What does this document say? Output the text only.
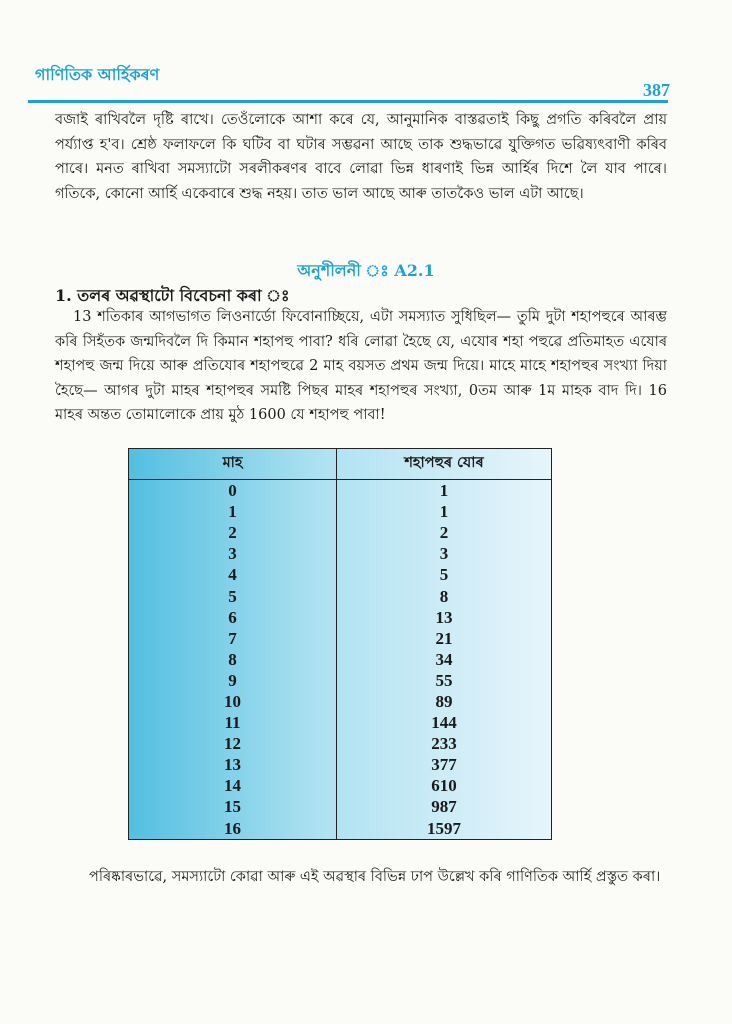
গাণিতিক আৰ্হিকৰণ
387

বজাই ৰাখিবলৈ দৃষ্টি ৰাখে। তেওঁলোকে আশা কৰে যে, আনুমানিক বাস্তৱতাই কিছু প্ৰগতি কৰিবলৈ প্ৰায় পৰ্য্যাপ্ত হ'ব। শ্ৰেষ্ঠ ফলাফলে কি ঘটিব বা ঘটাৰ সম্ভৱনা আছে তাক শুদ্ধভাৱে যুক্তিগত ভৱিষ্যৎবাণী কৰিব পাৰে। মনত ৰাখিবা সমস্যাটো সৰলীকৰণৰ বাবে লোৱা ভিন্ন ধাৰণাই ভিন্ন আৰ্হিৰ দিশে লৈ যাব পাৰে। গতিকে, কোনো আৰ্হি একেবাৰে শুদ্ধ নহয়। তাত ভাল আছে আৰু তাতকৈও ভাল এটা আছে।

অনুশীলনী ঃ A2.1
1. তলৰ অৱস্থাটো বিবেচনা কৰা ঃ

13 শতিকাৰ আগভাগত লিওনাৰ্ডো ফিবোনাচ্ছিয়ে, এটা সমস্যাত সুধিছিল— তুমি দুটা শহাপহুৰে আৰম্ভ কৰি সিহঁতক জন্মদিবলৈ দি কিমান শহাপহু পাবা? ধৰি লোৱা হৈছে যে, এযোৰ শহা পহুৱে প্ৰতিমাহত এযোৰ শহাপহু জন্ম দিয়ে আৰু প্ৰতিযোৰ শহাপহুৱে 2 মাহ বয়সত প্ৰথম জন্ম দিয়ে। মাহে মাহে শহাপহুৰ সংখ্যা দিয়া হৈছে— আগৰ দুটা মাহৰ শহাপহুৰ সমষ্টি পিছৰ মাহৰ শহাপহুৰ সংখ্যা, 0তম আৰু 1ম মাহক বাদ দি। 16 মাহৰ অন্তত তোমালোকে প্ৰায় মুঠ 1600 যে শহাপহু পাবা!

মাহ	শহাপহুৰ যোৰ
0	1
1	1
2	2
3	3
4	5
5	8
6	13
7	21
8	34
9	55
10	89
11	144
12	233
13	377
14	610
15	987
16	1597

পৰিষ্কাৰভাৱে, সমস্যাটো কোৱা আৰু এই অৱস্থাৰ বিভিন্ন ঢাপ উল্লেখ কৰি গাণিতিক আৰ্হি প্ৰস্তুত কৰা।
